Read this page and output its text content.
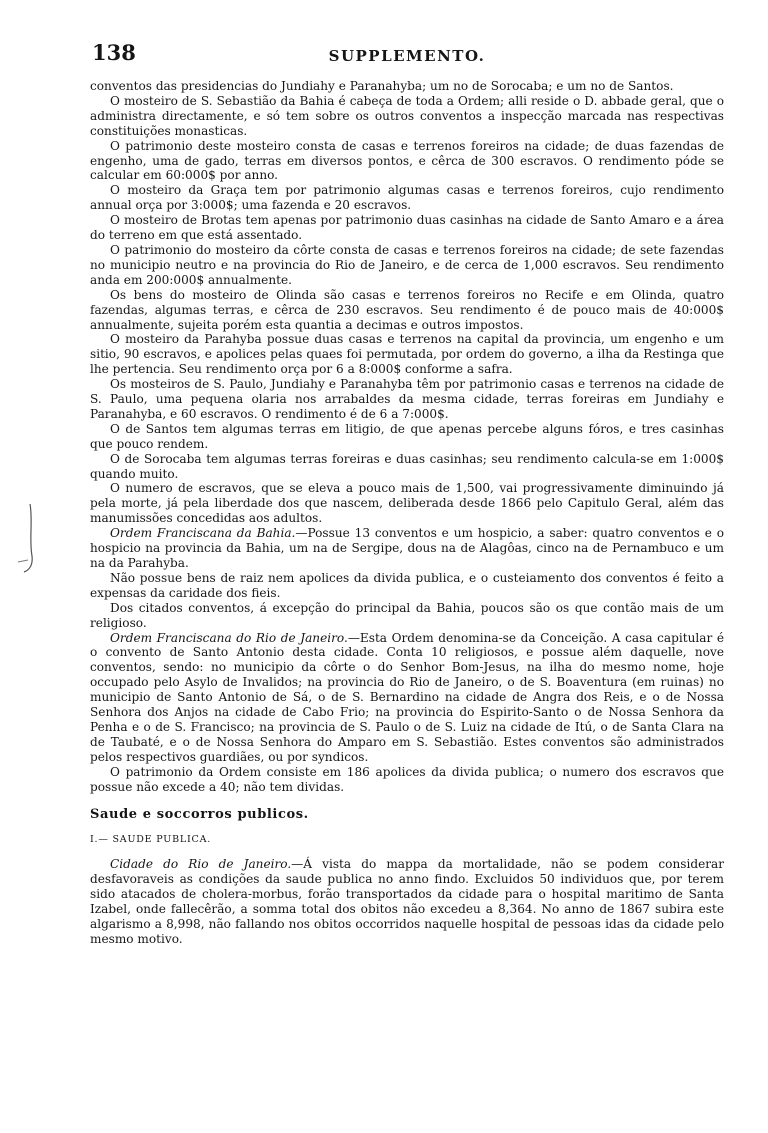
138	SUPPLEMENTO.

conventos das presidencias do Jundiahy e Paranahyba; um no de Sorocaba; e um no de Santos.

O mosteiro de S. Sebastião da Bahia é cabeça de toda a Ordem; alli reside o D. abbade geral, que o administra directamente, e só tem sobre os outros conventos a inspecção marcada nas respectivas constituições monasticas.

O patrimonio deste mosteiro consta de casas e terrenos foreiros na cidade; de duas fazendas de engenho, uma de gado, terras em diversos pontos, e cêrca de 300 escravos. O rendimento póde se calcular em 60:000$ por anno.

O mosteiro da Graça tem por patrimonio algumas casas e terrenos foreiros, cujo rendimento annual orça por 3:000$; uma fazenda e 20 escravos.

O mosteiro de Brotas tem apenas por patrimonio duas casinhas na cidade de Santo Amaro e a área do terreno em que está assentado.

O patrimonio do mosteiro da côrte consta de casas e terrenos foreiros na cidade; de sete fazendas no municipio neutro e na provincia do Rio de Janeiro, e de cerca de 1,000 escravos. Seu rendimento anda em 200:000$ annualmente.

Os bens do mosteiro de Olinda são casas e terrenos foreiros no Recife e em Olinda, quatro fazendas, algumas terras, e cêrca de 230 escravos. Seu rendimento é de pouco mais de 40:000$ annualmente, sujeita porém esta quantia a decimas e outros impostos.

O mosteiro da Parahyba possue duas casas e terrenos na capital da provincia, um engenho e um sitio, 90 escravos, e apolices pelas quaes foi permutada, por ordem do governo, a ilha da Restinga que lhe pertencia. Seu rendimento orça por 6 a 8:000$ conforme a safra.

Os mosteiros de S. Paulo, Jundiahy e Paranahyba têm por patrimonio casas e terrenos na cidade de S. Paulo, uma pequena olaria nos arrabaldes da mesma cidade, terras foreiras em Jundiahy e Paranahyba, e 60 escravos. O rendimento é de 6 a 7:000$.

O de Santos tem algumas terras em litigio, de que apenas percebe alguns fóros, e tres casinhas que pouco rendem.

O de Sorocaba tem algumas terras foreiras e duas casinhas; seu rendimento calcula-se em 1:000$ quando muito.

O numero de escravos, que se eleva a pouco mais de 1,500, vai progressivamente diminuindo já pela morte, já pela liberdade dos que nascem, deliberada desde 1866 pelo Capitulo Geral, além das manumissões concedidas aos adultos.

Ordem Franciscana da Bahia.—Possue 13 conventos e um hospicio, a saber: quatro conventos e o hospicio na provincia da Bahia, um na de Sergipe, dous na de Alagôas, cinco na de Pernambuco e um na da Parahyba.

Não possue bens de raiz nem apolices da divida publica, e o custeiamento dos conventos é feito a expensas da caridade dos fieis.

Dos citados conventos, á excepção do principal da Bahia, poucos são os que contão mais de um religioso.

Ordem Franciscana do Rio de Janeiro.—Esta Ordem denomina-se da Conceição. A casa capitular é o convento de Santo Antonio desta cidade. Conta 10 religiosos, e possue além daquelle, nove conventos, sendo: no municipio da côrte o do Senhor Bom-Jesus, na ilha do mesmo nome, hoje occupado pelo Asylo de Invalidos; na provincia do Rio de Janeiro, o de S. Boaventura (em ruinas) no municipio de Santo Antonio de Sá, o de S. Bernardino na cidade de Angra dos Reis, e o de Nossa Senhora dos Anjos na cidade de Cabo Frio; na provincia do Espirito-Santo o de Nossa Senhora da Penha e o de S. Francisco; na provincia de S. Paulo o de S. Luiz na cidade de Itú, o de Santa Clara na de Taubaté, e o de Nossa Senhora do Amparo em S. Sebastião. Estes conventos são administrados pelos respectivos guardiães, ou por syndicos.

O patrimonio da Ordem consiste em 186 apolices da divida publica; o numero dos escravos que possue não excede a 40; não tem dividas.

Saude e soccorros publicos.

I.— SAUDE PUBLICA.

Cidade do Rio de Janeiro.—Á vista do mappa da mortalidade, não se podem considerar desfavoraveis as condições da saude publica no anno findo. Excluidos 50 individuos que, por terem sido atacados de cholera-morbus, forão transportados da cidade para o hospital maritimo de Santa Izabel, onde fallecêrão, a somma total dos obitos não excedeu a 8,364. No anno de 1867 subira este algarismo a 8,998, não fallando nos obitos occorridos naquelle hospital de pessoas idas da cidade pelo mesmo motivo.
